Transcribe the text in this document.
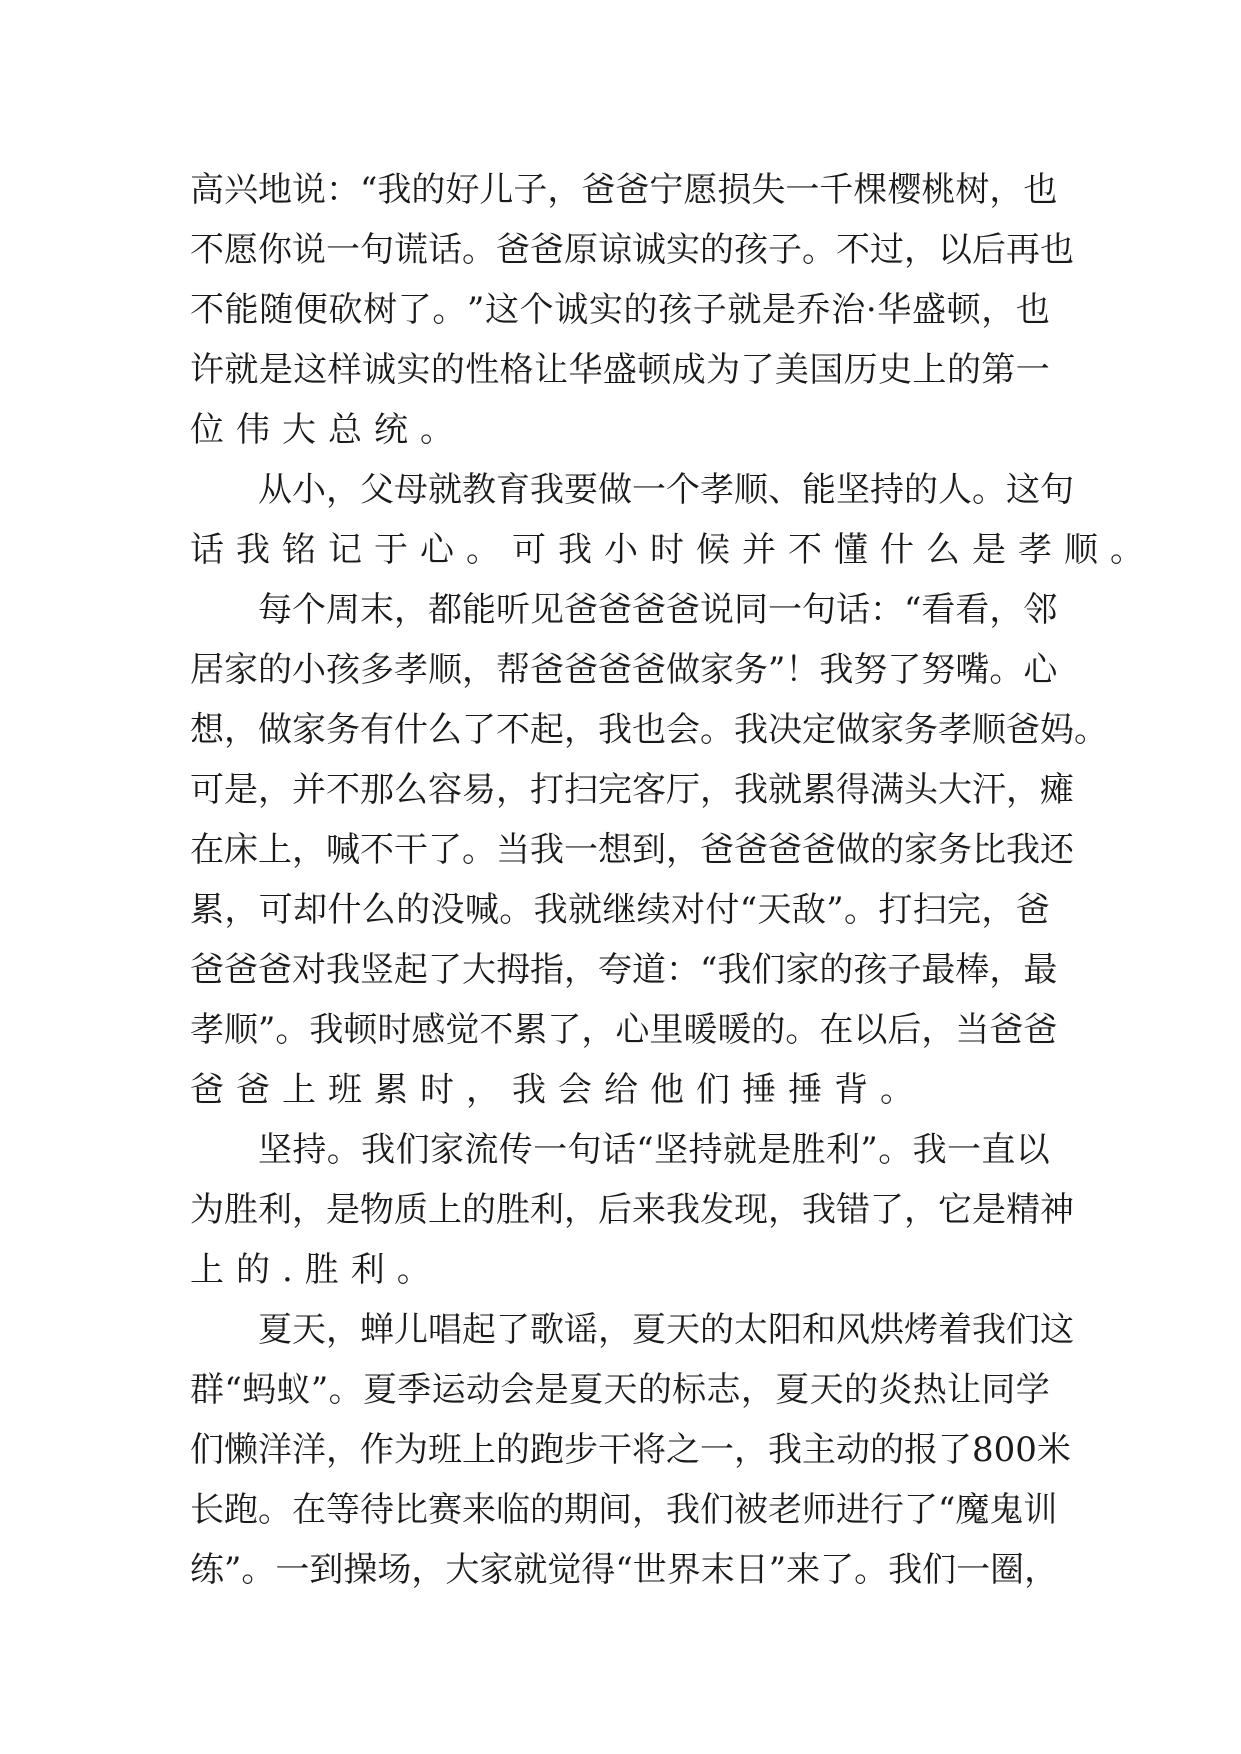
高 兴 地 说 ： “ 我 的 好 儿 子 ， 爸 爸 宁 愿 损 失 一 千 棵 樱 桃 树 ， 也
不 愿 你 说 一 句 谎 话 。 爸 爸 原 谅 诚 实 的 孩 子 。 不 过 ， 以 后 再 也
不 能 随 便 砍 树 了 。 ” 这 个 诚 实 的 孩 子 就 是 乔 治 · 华 盛 顿 ， 也
许 就 是 这 样 诚 实 的 性 格 让 华 盛 顿 成 为 了 美 国 历 史 上 的 第 一
位伟大总统。
从 小 ， 父 母 就 教 育 我 要 做 一 个 孝 顺 、 能 坚 持 的 人 。 这 句
话我铭记于心。可我小时候并不懂什么是孝顺。
每 个 周 末 ， 都 能 听 见 爸 爸 爸 爸 说 同 一 句 话 ： “ 看 看 ， 邻
居 家 的 小 孩 多 孝 顺 ， 帮 爸 爸 爸 爸 做 家 务 ” ！ 我 努 了 努 嘴 。 心
想 ， 做 家 务 有 什 么 了 不 起 ， 我 也 会 。 我 决 定 做 家 务 孝 顺 爸 妈 。
可 是 ， 并 不 那 么 容 易 ， 打 扫 完 客 厅 ， 我 就 累 得 满 头 大 汗 ， 瘫
在 床 上 ， 喊 不 干 了 。 当 我 一 想 到 ， 爸 爸 爸 爸 做 的 家 务 比 我 还
累 ， 可 却 什 么 的 没 喊 。 我 就 继 续 对 付 “ 天 敌 ” 。 打 扫 完 ， 爸
爸 爸 爸 对 我 竖 起 了 大 拇 指 ， 夸 道 ： “ 我 们 家 的 孩 子 最 棒 ， 最
孝 顺 ” 。 我 顿 时 感 觉 不 累 了 ， 心 里 暖 暖 的 。 在 以 后 ， 当 爸 爸
爸爸上班累时，我会给他们捶捶背。
坚 持 。 我 们 家 流 传 一 句 话 “ 坚 持 就 是 胜 利 ” 。 我 一 直 以
为 胜 利 ， 是 物 质 上 的 胜 利 ， 后 来 我 发 现 ， 我 错 了 ， 它 是 精 神
上的.胜利。
夏 天 ， 蝉 儿 唱 起 了 歌 谣 ， 夏 天 的 太 阳 和 风 烘 烤 着 我 们 这
群 “ 蚂 蚁 ” 。 夏 季 运 动 会 是 夏 天 的 标 志 ， 夏 天 的 炎 热 让 同 学
们 懒 洋 洋 ， 作 为 班 上 的 跑 步 干 将 之 一 ， 我 主 动 的 报 了 800 米
长 跑 。 在 等 待 比 赛 来 临 的 期 间 ， 我 们 被 老 师 进 行 了 “ 魔 鬼 训
练 ” 。 一 到 操 场 ， 大 家 就 觉 得 “ 世 界 末 日 ” 来 了 。 我 们 一 圈 ，
